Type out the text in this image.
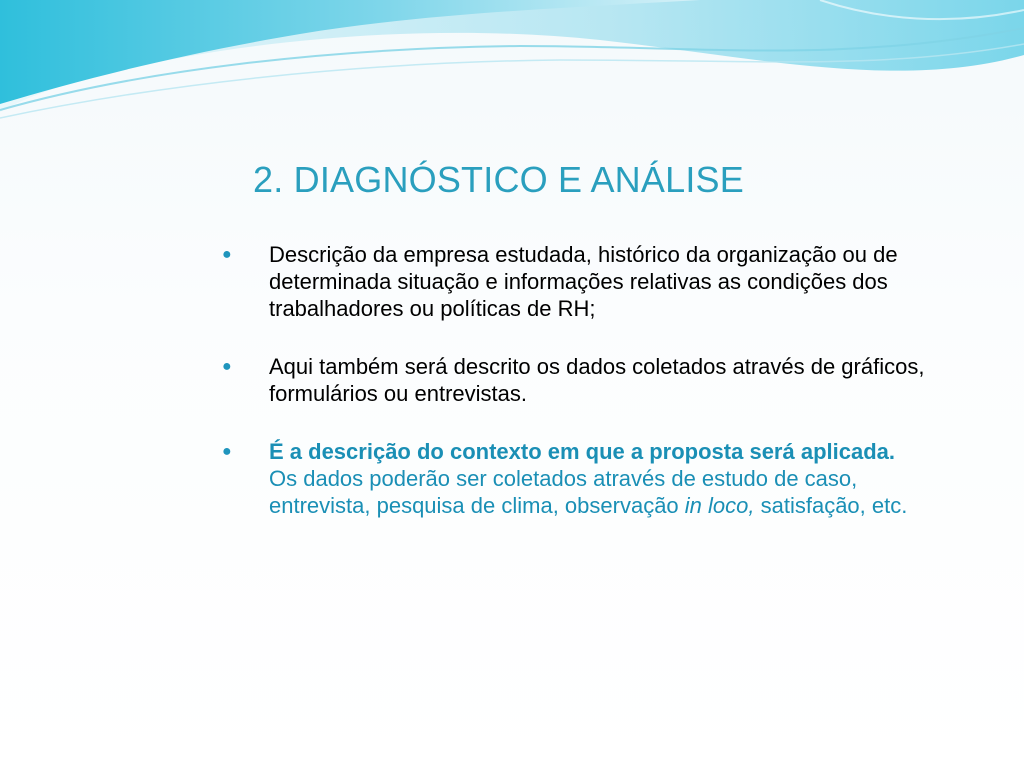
2. DIAGNÓSTICO E ANÁLISE
● Descrição da empresa estudada, histórico da organização ou de determinada situação e informações relativas as condições dos trabalhadores ou políticas de RH;
● Aqui também será descrito os dados coletados através de gráficos, formulários ou entrevistas.
● É a descrição do contexto em que a proposta será aplicada. Os dados poderão ser coletados através de estudo de caso, entrevista, pesquisa de clima, observação in loco, satisfação, etc.
